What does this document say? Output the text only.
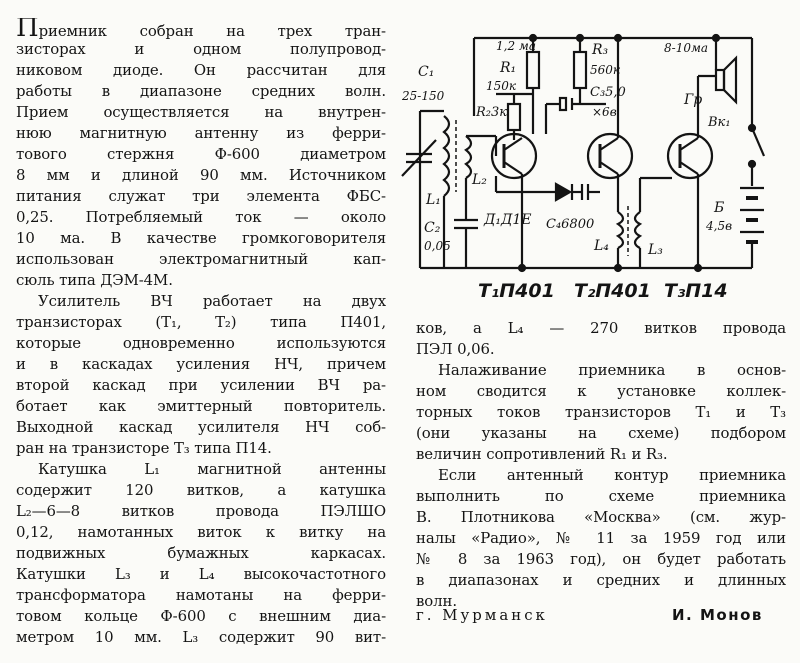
Приемник собран на трех тран-
зисторах и одном полупровод-
никовом диоде. Он рассчитан для
работы в диапазоне средних волн.
Прием осуществляется на внутрен-
нюю магнитную антенну из ферри-
тового стержня Ф-600 диаметром
8 мм и длиной 90 мм. Источником
питания служат три элемента ФБС-
0,25. Потребляемый ток — около
10 ма. В качестве громкоговорителя
использован электромагнитный кап-
сюль типа ДЭМ-4М.
Усилитель ВЧ работает на двух
транзисторах (T₁, T₂) типа П401,
которые одновременно используются
и в каскадах усиления НЧ, причем
второй каскад при усилении ВЧ ра-
ботает как эмиттерный повторитель.
Выходной каскад усилителя НЧ соб-
ран на транзисторе T₃ типа П14.
Катушка L₁ магнитной антенны
содержит 120 витков, а катушка
L₂—6—8 витков провода ПЭЛШО
0,12, намотанных виток к витку на
подвижных бумажных каркасах.
Катушки L₃ и L₄ высокочастотного
трансформатора намотаны на ферри-
товом кольце Ф-600 с внешним диа-
метром 10 мм. L₃ содержит 90 вит-
C₁
25-150
L₁
L₂
C₂
0,05
Д₁Д1Е
1,2 ма
R₁
150к
R₂3к
R₃
560к
C₃5,0
×6в
C₄6800
L₄	L₃
8-10ма
Гр
Вк₁
Б
4,5в
T₁П401 T₂П401 T₃П14
ков, а L₄ — 270 витков провода
ПЭЛ 0,06.
Налаживание приемника в основ-
ном сводится к установке коллек-
торных токов транзисторов T₁ и T₃
(они указаны на схеме) подбором
величин сопротивлений R₁ и R₃.
Если антенный контур приемника
выполнить по схеме приемника
В. Плотникова «Москва» (см. жур-
налы «Радио», № 11 за 1959 год или
№ 8 за 1963 год), он будет работать
в диапазонах и средних и длинных
волн.
г. Мурманск	И. Монов
